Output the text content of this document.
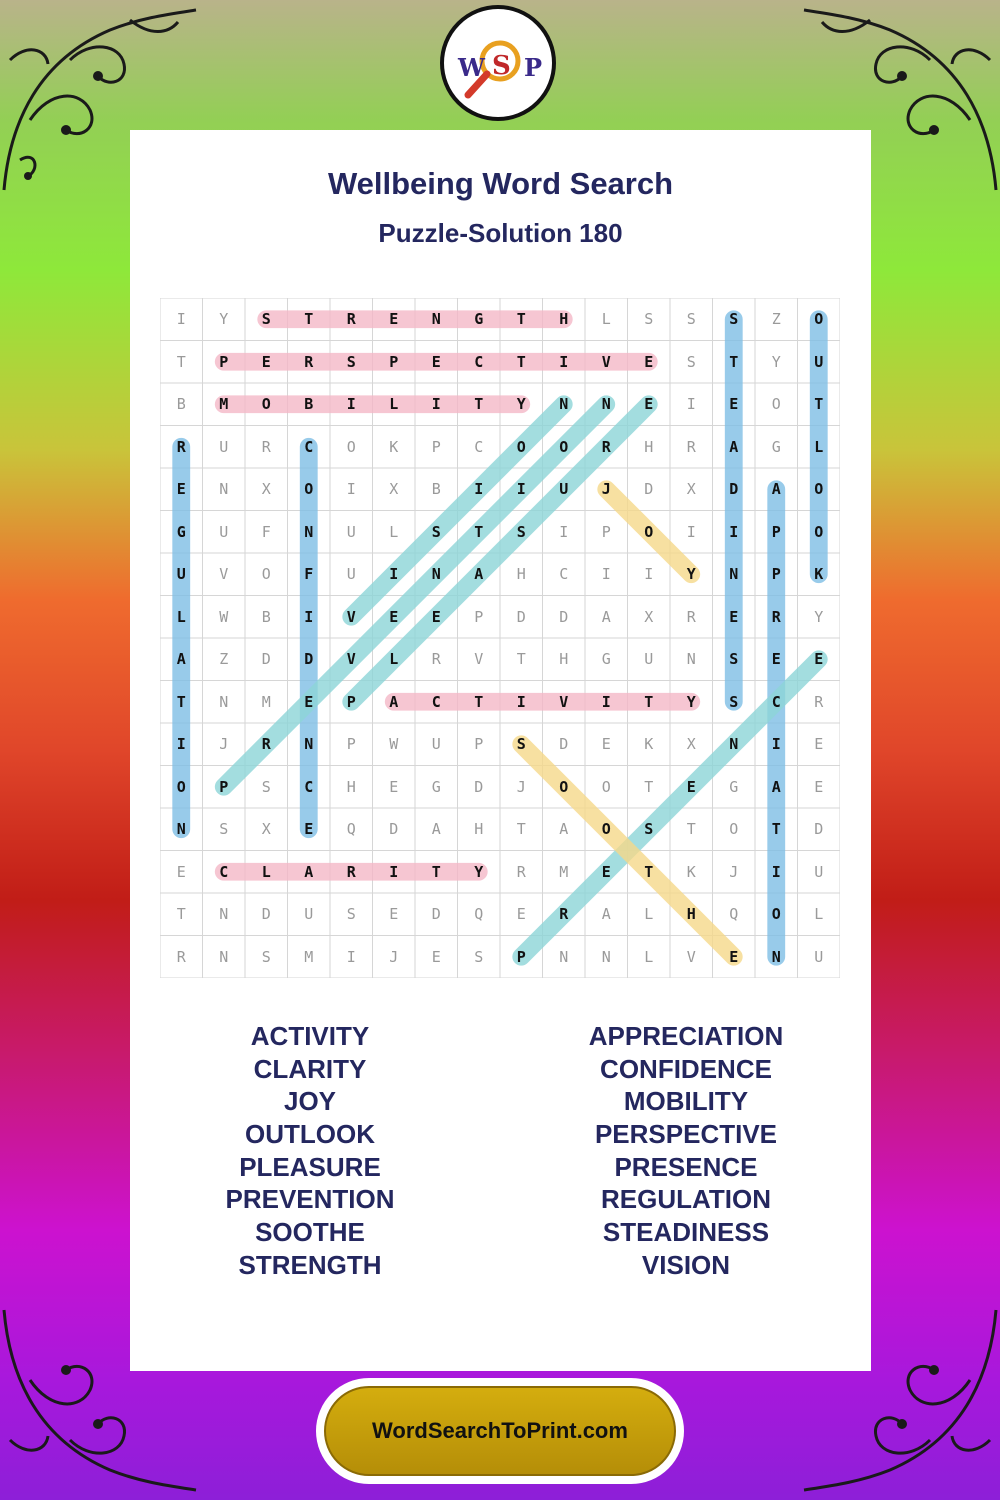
W S P
Wellbeing Word Search
Puzzle-Solution 180
I	Y	S	T	R	E	N	G	T	H	L	S	S	S	Z	O
T	P	E	R	S	P	E	C	T	I	V	E	S	T	Y	U
B	M	O	B	I	L	I	T	Y	N	N	E	I	E	O	T
R	U	R	C	O	K	P	C	O	O	R	H	R	A	G	L
E	N	X	O	I	X	B	I	I	U	J	D	X	D	A	O
G	U	F	N	U	L	S	T	S	I	P	O	I	I	P	O
U	V	O	F	U	I	N	A	H	C	I	I	Y	N	P	K
L	W	B	I	V	E	E	P	D	D	A	X	R	E	R	Y
A	Z	D	D	V	L	R	V	T	H	G	U	N	S	E	E
T	N	M	E	P	A	C	T	I	V	I	T	Y	S	C	R
I	J	R	N	P	W	U	P	S	D	E	K	X	N	I	E
O	P	S	C	H	E	G	D	J	O	O	T	E	G	A	E
N	S	X	E	Q	D	A	H	T	A	O	S	T	O	T	D
E	C	L	A	R	I	T	Y	R	M	E	T	K	J	I	U
T	N	D	U	S	E	D	Q	E	R	A	L	H	Q	O	L
R	N	S	M	I	J	E	S	P	N	N	L	V	E	N	U
ACTIVITY
CLARITY
JOY
OUTLOOK
PLEASURE
PREVENTION
SOOTHE
STRENGTH
APPRECIATION
CONFIDENCE
MOBILITY
PERSPECTIVE
PRESENCE
REGULATION
STEADINESS
VISION
WordSearchToPrint.com
